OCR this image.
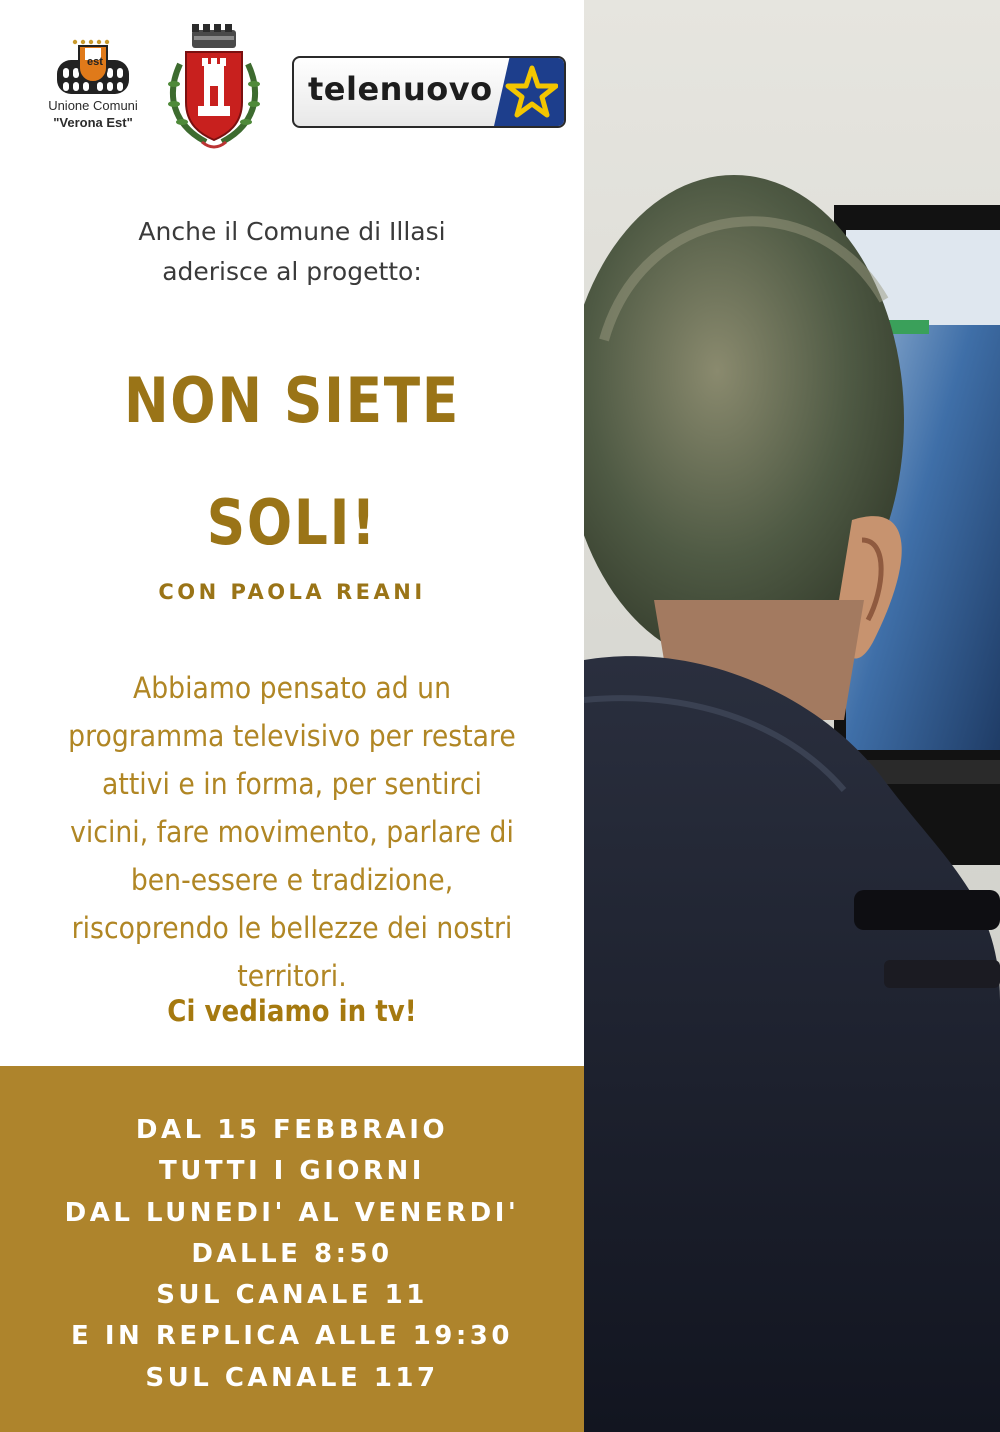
est
Unione Comuni
"Verona Est"
telenuovo
Anche il Comune di Illasi
aderisce al progetto:
NON SIETE
SOLI!
CON PAOLA REANI
Abbiamo pensato ad un
programma televisivo per restare
attivi e in forma, per sentirci
vicini, fare movimento, parlare di
ben-essere e tradizione,
riscoprendo le bellezze dei nostri
territori.
Ci vediamo in tv!
DAL 15 FEBBRAIO
TUTTI I GIORNI
DAL LUNEDI' AL VENERDI'
DALLE 8:50
SUL CANALE 11
E IN REPLICA ALLE 19:30
SUL CANALE 117
